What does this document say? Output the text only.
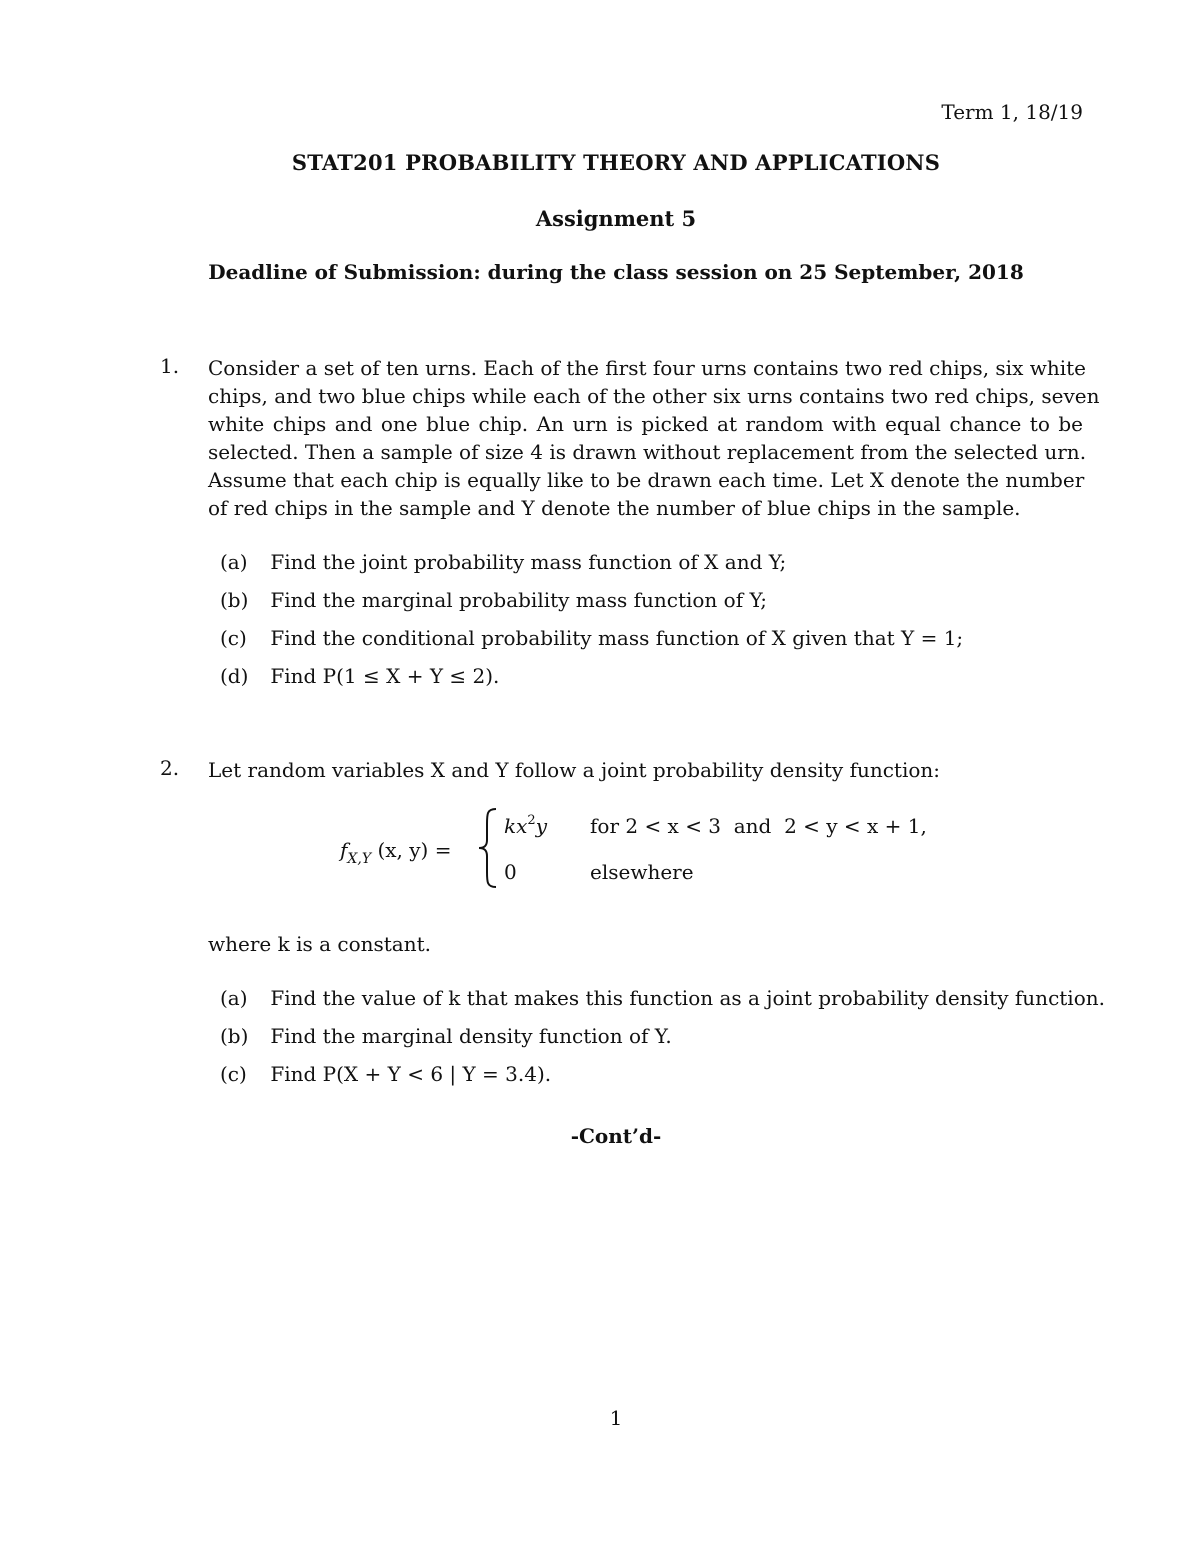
Term 1, 18/19
STAT201 PROBABILITY THEORY AND APPLICATIONS
Assignment 5
Deadline of Submission: during the class session on 25 September, 2018
1. Consider a set of ten urns. Each of the first four urns contains two red chips, six white
chips, and two blue chips while each of the other six urns contains two red chips, seven
white chips and one blue chip. An urn is picked at random with equal chance to be
selected. Then a sample of size 4 is drawn without replacement from the selected urn.
Assume that each chip is equally like to be drawn each time. Let X denote the number
of red chips in the sample and Y denote the number of blue chips in the sample.
(a) Find the joint probability mass function of X and Y;
(b) Find the marginal probability mass function of Y;
(c) Find the conditional probability mass function of X given that Y = 1;
(d) Find P(1 ≤ X + Y ≤ 2).
2. Let random variables X and Y follow a joint probability density function:
$f_{X,Y}$ (x, y) =
$kx^2y$ for 2 < x < 3  and  2 < y < x + 1,
0	elsewhere
where k is a constant.
(a) Find the value of k that makes this function as a joint probability density function.
(b) Find the marginal density function of Y.
(c) Find P(X + Y < 6 | Y = 3.4).
-Cont’d-
1
